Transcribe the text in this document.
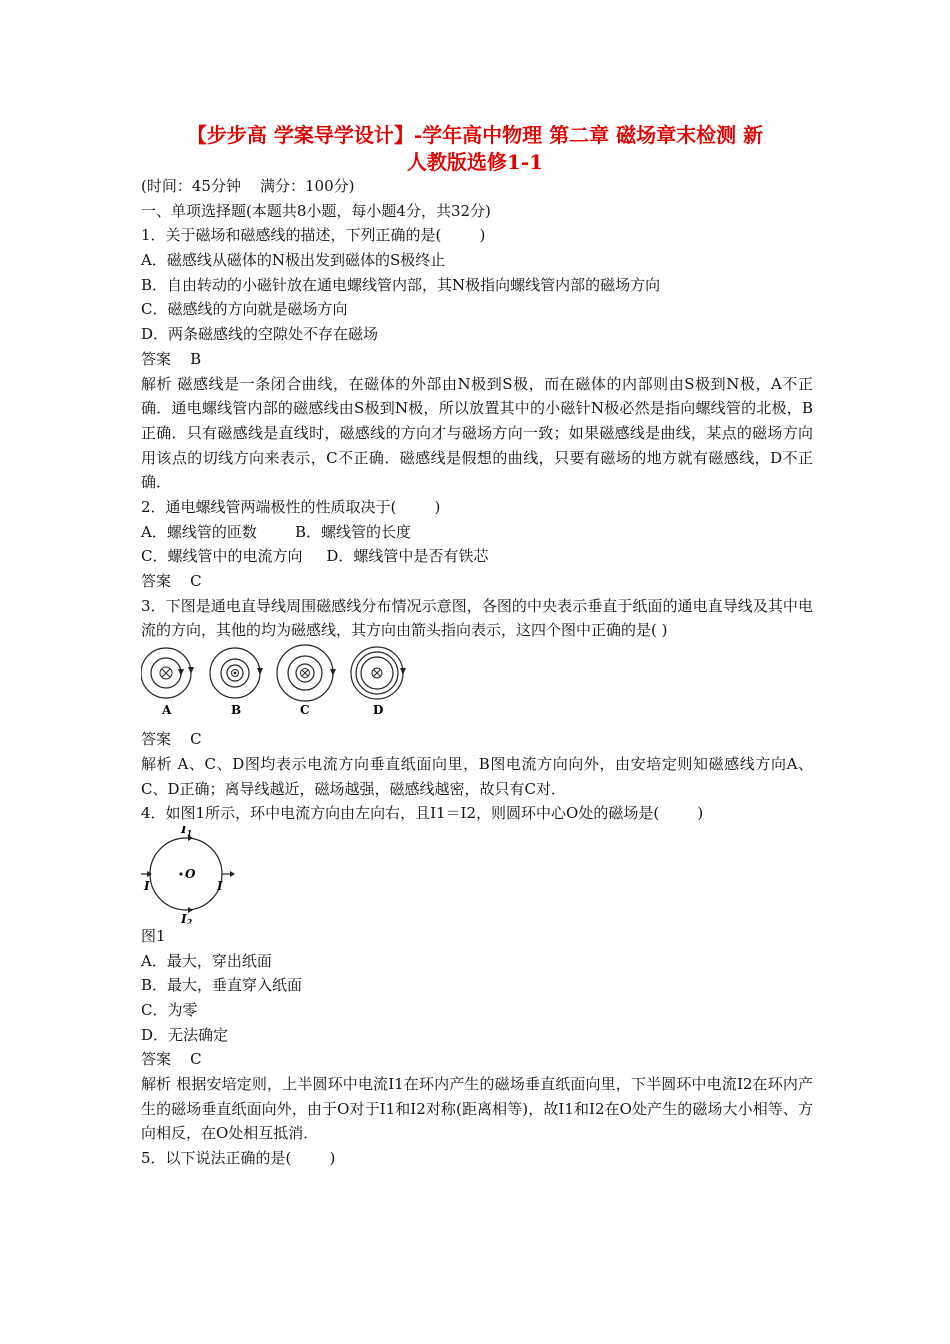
【步步高 学案导学设计】-学年高中物理 第二章 磁场章末检测 新
人教版选修1-1
(时间：45分钟    满分：100分)
一、单项选择题(本题共8小题，每小题4分，共32分)
1．关于磁场和磁感线的描述，下列正确的是(        )
A．磁感线从磁体的N极出发到磁体的S极终止
B．自由转动的小磁针放在通电螺线管内部，其N极指向螺线管内部的磁场方向
C．磁感线的方向就是磁场方向
D．两条磁感线的空隙处不存在磁场
答案    B
解析 磁感线是一条闭合曲线，在磁体的外部由N极到S极，而在磁体的内部则由S极到N极，A不正确．通电螺线管内部的磁感线由S极到N极，所以放置其中的小磁针N极必然是指向螺线管的北极，B正确．只有磁感线是直线时，磁感线的方向才与磁场方向一致；如果磁感线是曲线，某点的磁场方向用该点的切线方向来表示，C不正确．磁感线是假想的曲线，只要有磁场的地方就有磁感线，D不正确．
2．通电螺线管两端极性的性质取决于(        )
A．螺线管的匝数        B．螺线管的长度
C．螺线管中的电流方向     D．螺线管中是否有铁芯
答案    C
3．下图是通电直导线周围磁感线分布情况示意图，各图的中央表示垂直于纸面的通电直导线及其中电流的方向，其他的均为磁感线，其方向由箭头指向表示，这四个图中正确的是( )
A	B	C	D
答案    C
解析 A、C、D图均表示电流方向垂直纸面向里，B图电流方向向外，由安培定则知磁感线方向A、C、D正确；离导线越近，磁场越强，磁感线越密，故只有C对．
4．如图1所示，环中电流方向由左向右，且I1＝I2，则圆环中心O处的磁场是(        )
$I_1$
I2
I	I
O
图1
A．最大，穿出纸面
B．最大，垂直穿入纸面
C．为零
D．无法确定
答案    C
解析 根据安培定则，上半圆环中电流I1在环内产生的磁场垂直纸面向里，下半圆环中电流I2在环内产生的磁场垂直纸面向外，由于O对于I1和I2对称(距离相等)，故I1和I2在O处产生的磁场大小相等、方向相反，在O处相互抵消．
5．以下说法正确的是(        )
